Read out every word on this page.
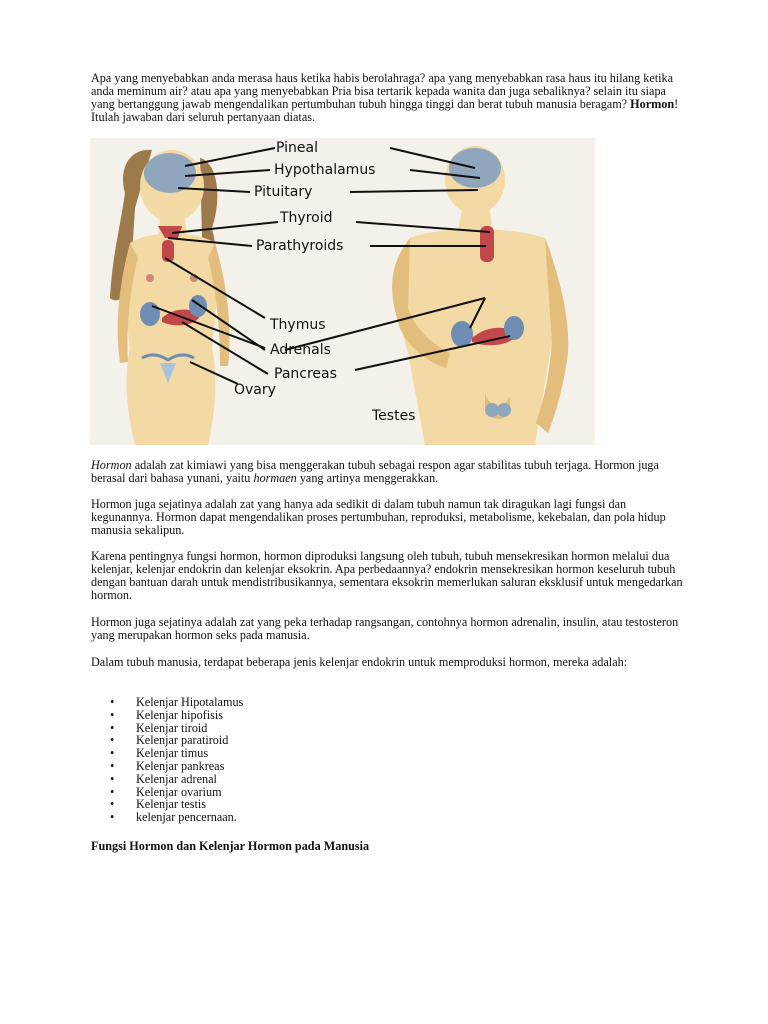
Apa yang menyebabkan anda merasa haus ketika habis berolahraga? apa yang menyebabkan rasa haus itu hilang ketika anda meminum air? atau apa yang menyebabkan Pria bisa tertarik kepada wanita dan juga sebaliknya? selain itu siapa yang bertanggung jawab mengendalikan pertumbuhan tubuh hingga tinggi dan berat tubuh manusia beragam? Hormon! Itulah jawaban dari seluruh pertanyaan diatas.
Pineal
Hypothalamus
Pituitary
Thyroid
Parathyroids
Thymus
Adrenals
Pancreas
Ovary
Testes
Hormon adalah zat kimiawi yang bisa menggerakan tubuh sebagai respon agar stabilitas tubuh terjaga. Hormon juga berasal dari bahasa yunani, yaitu hormaen yang artinya menggerakkan.
Hormon juga sejatinya adalah zat yang hanya ada sedikit di dalam tubuh namun tak diragukan lagi fungsi dan kegunannya. Hormon dapat mengendalikan proses pertumbuhan, reproduksi, metabolisme, kekebalan, dan pola hidup manusia sekalipun.
Karena pentingnya fungsi hormon, hormon diproduksi langsung oleh tubuh, tubuh mensekresikan hormon melalui dua kelenjar, kelenjar endokrin dan kelenjar eksokrin. Apa perbedaannya? endokrin mensekresikan hormon keseluruh tubuh dengan bantuan darah untuk mendistribusikannya, sementara eksokrin memerlukan saluran eksklusif untuk mengedarkan hormon.
Hormon juga sejatinya adalah zat yang peka terhadap rangsangan, contohnya hormon adrenalin, insulin, atau testosteron yang merupakan hormon seks pada manusia.
Dalam tubuh manusia, terdapat beberapa jenis kelenjar endokrin untuk memproduksi hormon, mereka adalah:
• Kelenjar Hipotalamus
• Kelenjar hipofisis
• Kelenjar tiroid
• Kelenjar paratiroid
• Kelenjar timus
• Kelenjar pankreas
• Kelenjar adrenal
• Kelenjar ovarium
• Kelenjar testis
• kelenjar pencernaan.
Fungsi Hormon dan Kelenjar Hormon pada Manusia
